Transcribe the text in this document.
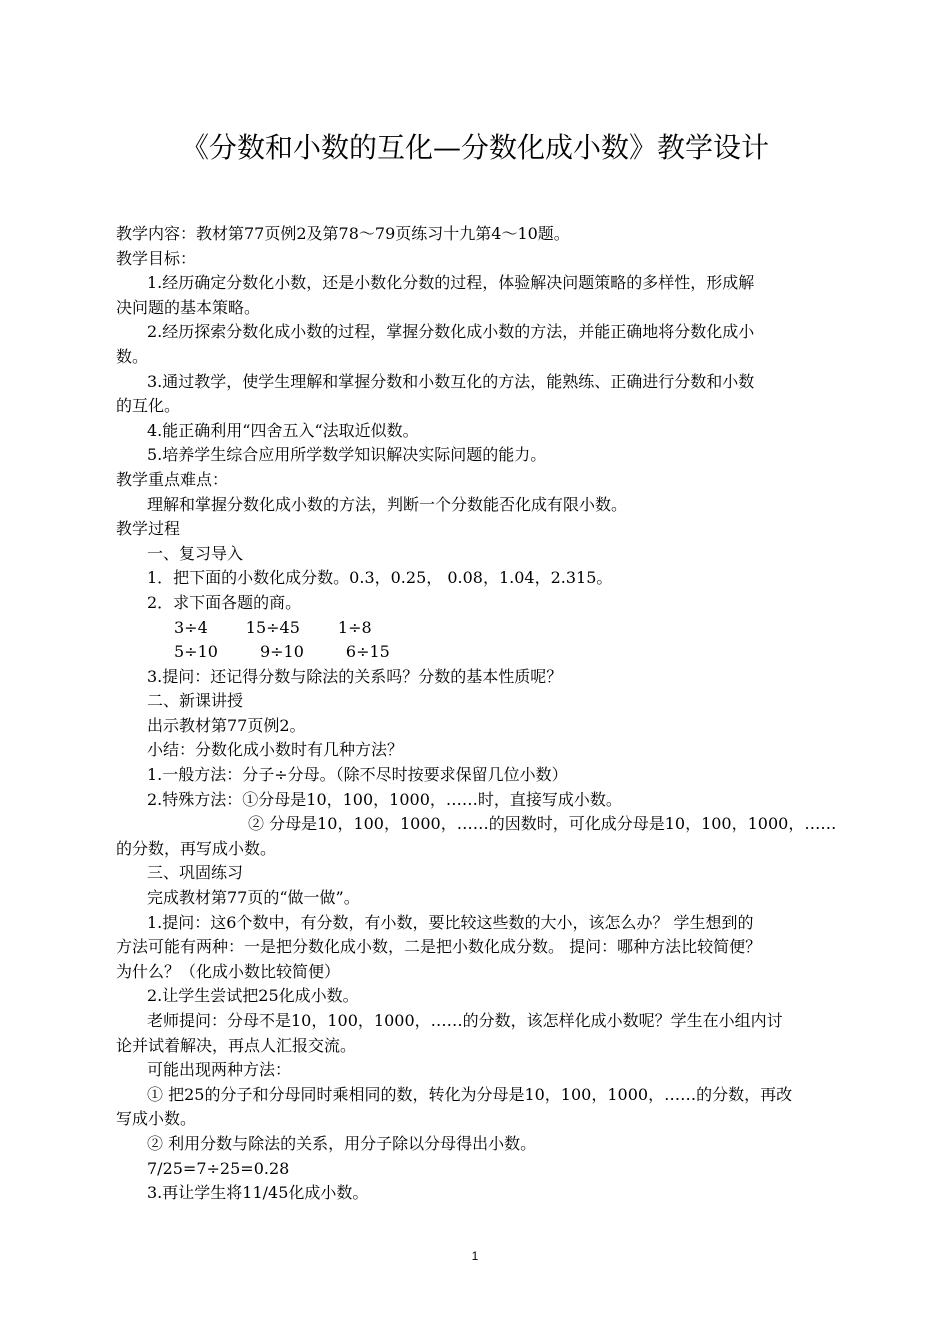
《分数和小数的互化—分数化成小数》教学设计
教学内容：教材第77页例2及第78～79页练习十九第4～10题。
教学目标：
1.经历确定分数化小数，还是小数化分数的过程，体验解决问题策略的多样性，形成解
决问题的基本策略。
2.经历探索分数化成小数的过程，掌握分数化成小数的方法，并能正确地将分数化成小
数。
3.通过教学，使学生理解和掌握分数和小数互化的方法，能熟练、正确进行分数和小数
的互化。
4.能正确利用“四舍五入“法取近似数。
5.培养学生综合应用所学数学知识解决实际问题的能力。
教学重点难点：
理解和掌握分数化成小数的方法，判断一个分数能否化成有限小数。
教学过程
一、复习导入
1．把下面的小数化成分数。0.3，0.25， 0.08，1.04，2.315。
2．求下面各题的商。
3÷4 15÷45 1÷8
5÷10	9÷10	6÷15
3.提问：还记得分数与除法的关系吗？分数的基本性质呢？
二、新课讲授
出示教材第77页例2。
小结：分数化成小数时有几种方法？
1.一般方法：分子÷分母。（除不尽时按要求保留几位小数）
2.特殊方法：①分母是10，100，1000，……时，直接写成小数。
② 分母是10，100，1000，……的因数时，可化成分母是10，100，1000，……
的分数，再写成小数。
三、巩固练习
完成教材第77页的“做一做”。
1.提问：这6个数中，有分数，有小数，要比较这些数的大小，该怎么办？ 学生想到的
方法可能有两种：一是把分数化成小数，二是把小数化成分数。 提问：哪种方法比较简便？
为什么？（化成小数比较简便）
2.让学生尝试把25化成小数。
老师提问：分母不是10，100，1000，……的分数，该怎样化成小数呢？学生在小组内讨
论并试着解决，再点人汇报交流。
可能出现两种方法：
① 把25的分子和分母同时乘相同的数，转化为分母是10，100，1000，……的分数，再改
写成小数。
② 利用分数与除法的关系，用分子除以分母得出小数。
7/25=7÷25=0.28
3.再让学生将11/45化成小数。
1
